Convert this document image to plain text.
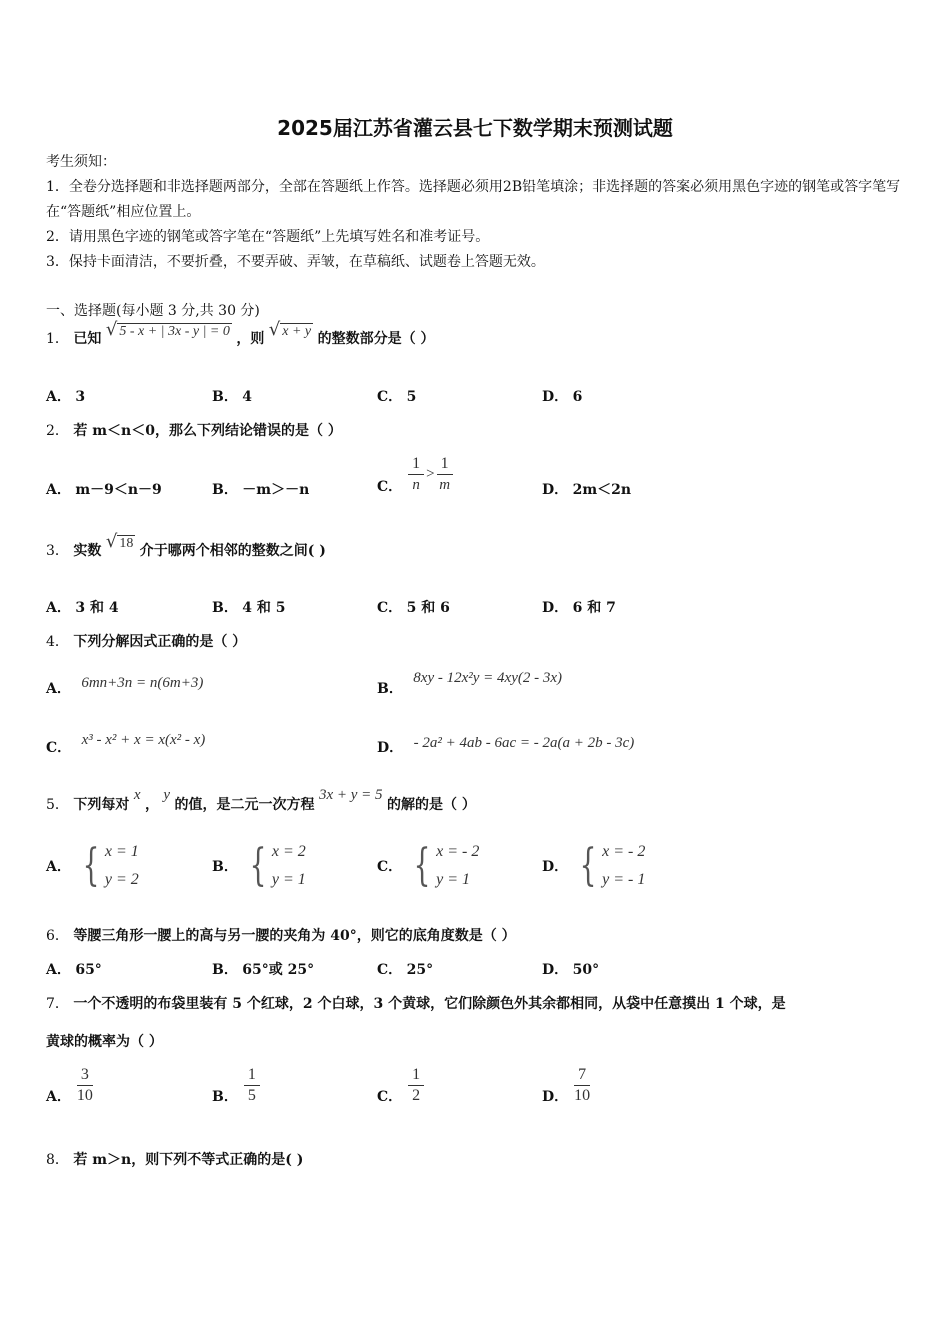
2025届江苏省灌云县七下数学期末预测试题
考生须知：
1．全卷分选择题和非选择题两部分，全部在答题纸上作答。选择题必须用2B铅笔填涂；非选择题的答案必须用黑色字迹的钢笔或答字笔写在“答题纸”相应位置上。
2．请用黑色字迹的钢笔或答字笔在“答题纸”上先填写姓名和准考证号。
3．保持卡面清洁，不要折叠，不要弄破、弄皱，在草稿纸、试题卷上答题无效。
一、选择题(每小题 3 分,共 30 分)
1． 已知 √ 5 - x + | 3x - y | = 0 ，则 √ x + y 的整数部分是（ ）
A． 3	B． 4	C． 5	D． 6
2． 若 m＜n＜0，那么下列结论错误的是（ ）
A． m－9＜n－9	B． －m＞－n	C． $\frac{1}{n} > \frac{1}{m}$	D． 2m＜2n
3． 实数 √ 18 介于哪两个相邻的整数之间( )
A． 3 和 4	B． 4 和 5	C． 5 和 6	D． 6 和 7
4． 下列分解因式正确的是（ ）
A． 6mn+3n = n(6m+3)	B． 8xy - 12x²y = 4xy(2 - 3x)
C． x³ - x² + x = x(x² - x)	D． - 2a² + 4ab - 6ac = - 2a(a + 2b - 3c)
5． 下列每对 x ， y 的值，是二元一次方程 3x + y = 5 的解的是（ ）
A． { x = 1
y = 2
B． { x = 2
y = 1
C． { x = - 2
y = 1
D． { x = - 2
y = - 1
6． 等腰三角形一腰上的高与另一腰的夹角为 40°，则它的底角度数是（ ）
A． 65°	B． 65°或 25°	C． 25°	D． 50°
7． 一个不透明的布袋里装有 5 个红球，2 个白球，3 个黄球，它们除颜色外其余都相同，从袋中任意摸出 1 个球，是
黄球的概率为（ ）
A． $\frac{3}{10}$	B． $\frac{1}{5}$	C． $\frac{1}{2}$	D． $\frac{7}{10}$
8． 若 m＞n，则下列不等式正确的是( )
